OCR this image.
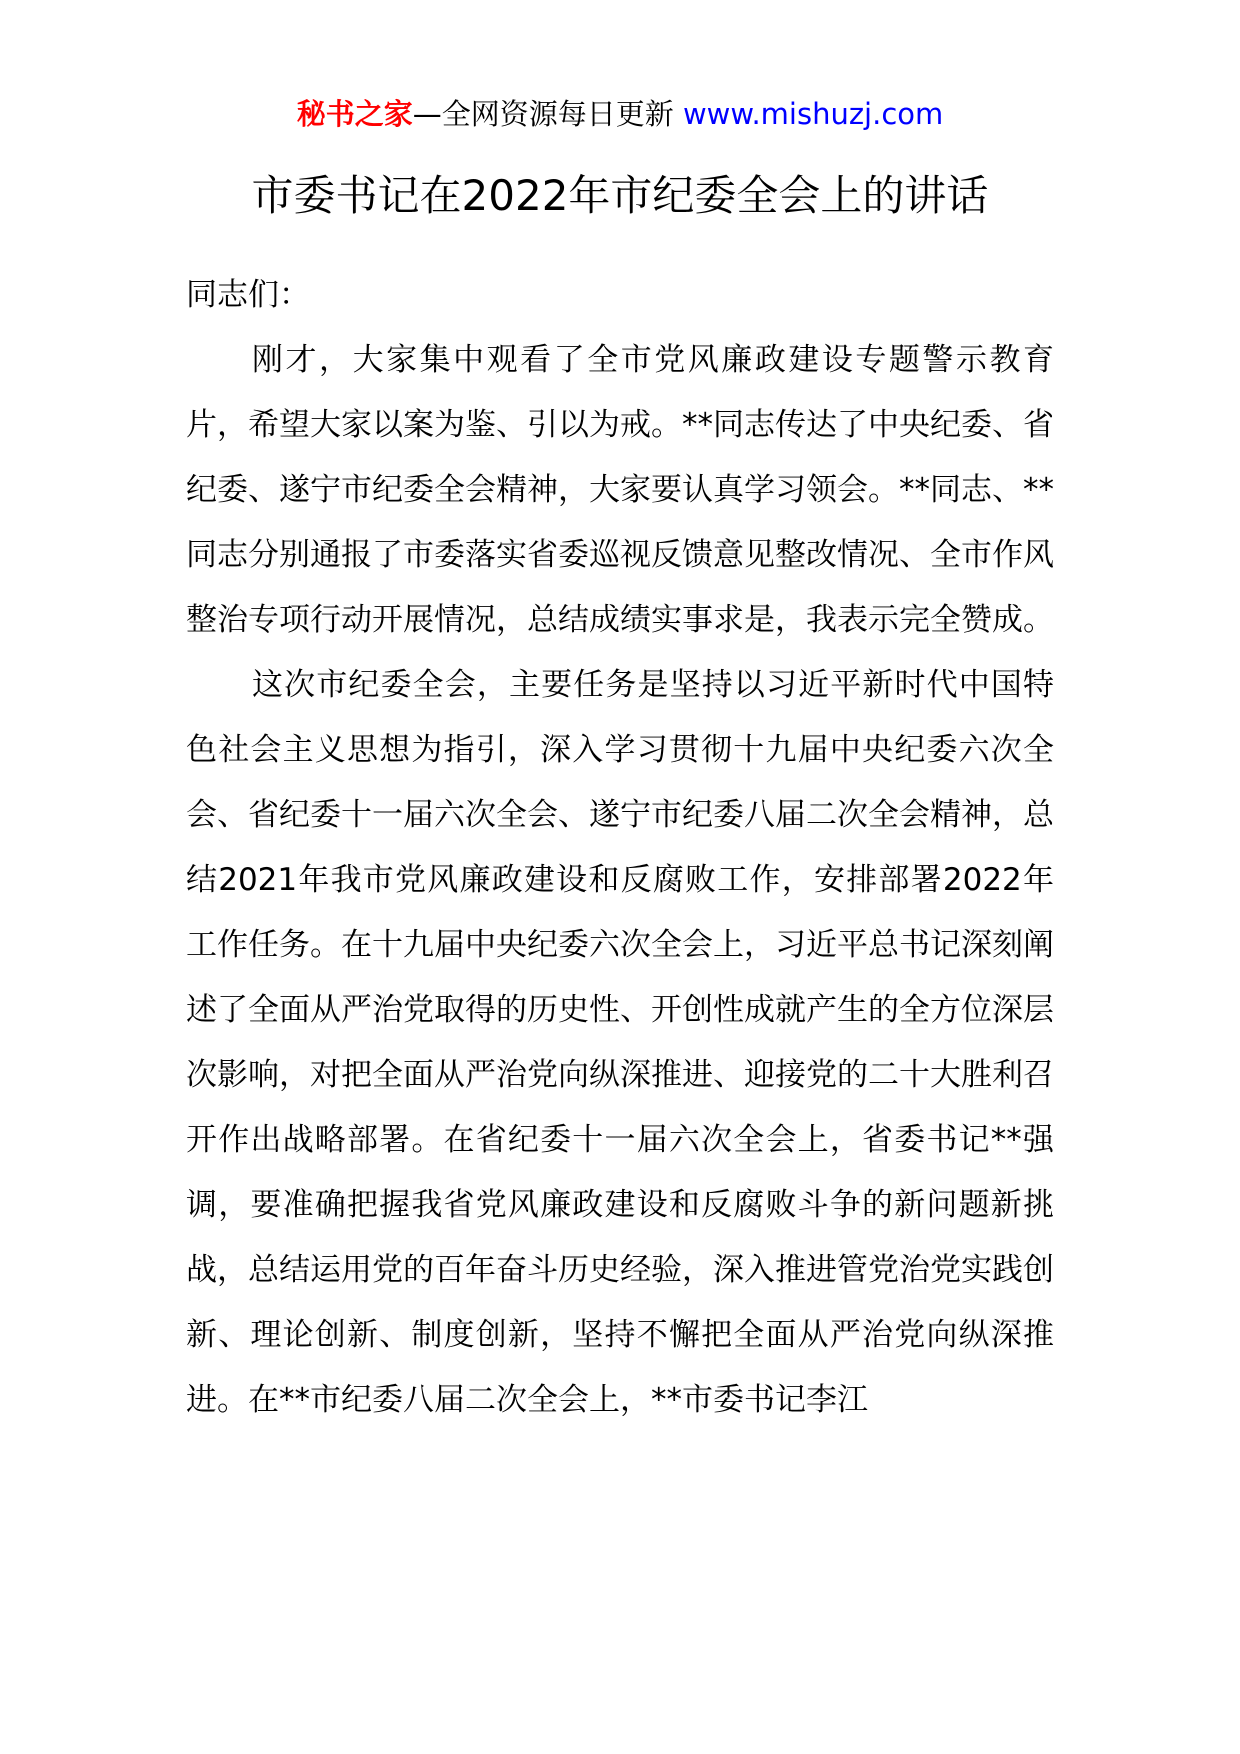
秘书之家—全网资源每日更新 www.mishuzj.com
市委书记在2022年市纪委全会上的讲话

同志们：

刚才，大家集中观看了全市党风廉政建设专题警示教育片，希望大家以案为鉴、引以为戒。**同志传达了中央纪委、省纪委、遂宁市纪委全会精神，大家要认真学习领会。**同志、**同志分别通报了市委落实省委巡视反馈意见整改情况、全市作风整治专项行动开展情况，总结成绩实事求是，我表示完全赞成。

这次市纪委全会，主要任务是坚持以习近平新时代中国特色社会主义思想为指引，深入学习贯彻十九届中央纪委六次全会、省纪委十一届六次全会、遂宁市纪委八届二次全会精神，总结2021年我市党风廉政建设和反腐败工作，安排部署2022年工作任务。在十九届中央纪委六次全会上，习近平总书记深刻阐述了全面从严治党取得的历史性、开创性成就产生的全方位深层次影响，对把全面从严治党向纵深推进、迎接党的二十大胜利召开作出战略部署。在省纪委十一届六次全会上，省委书记**强调，要准确把握我省党风廉政建设和反腐败斗争的新问题新挑战，总结运用党的百年奋斗历史经验，深入推进管党治党实践创新、理论创新、制度创新，坚持不懈把全面从严治党向纵深推进。在**市纪委八届二次全会上，**市委书记李江
